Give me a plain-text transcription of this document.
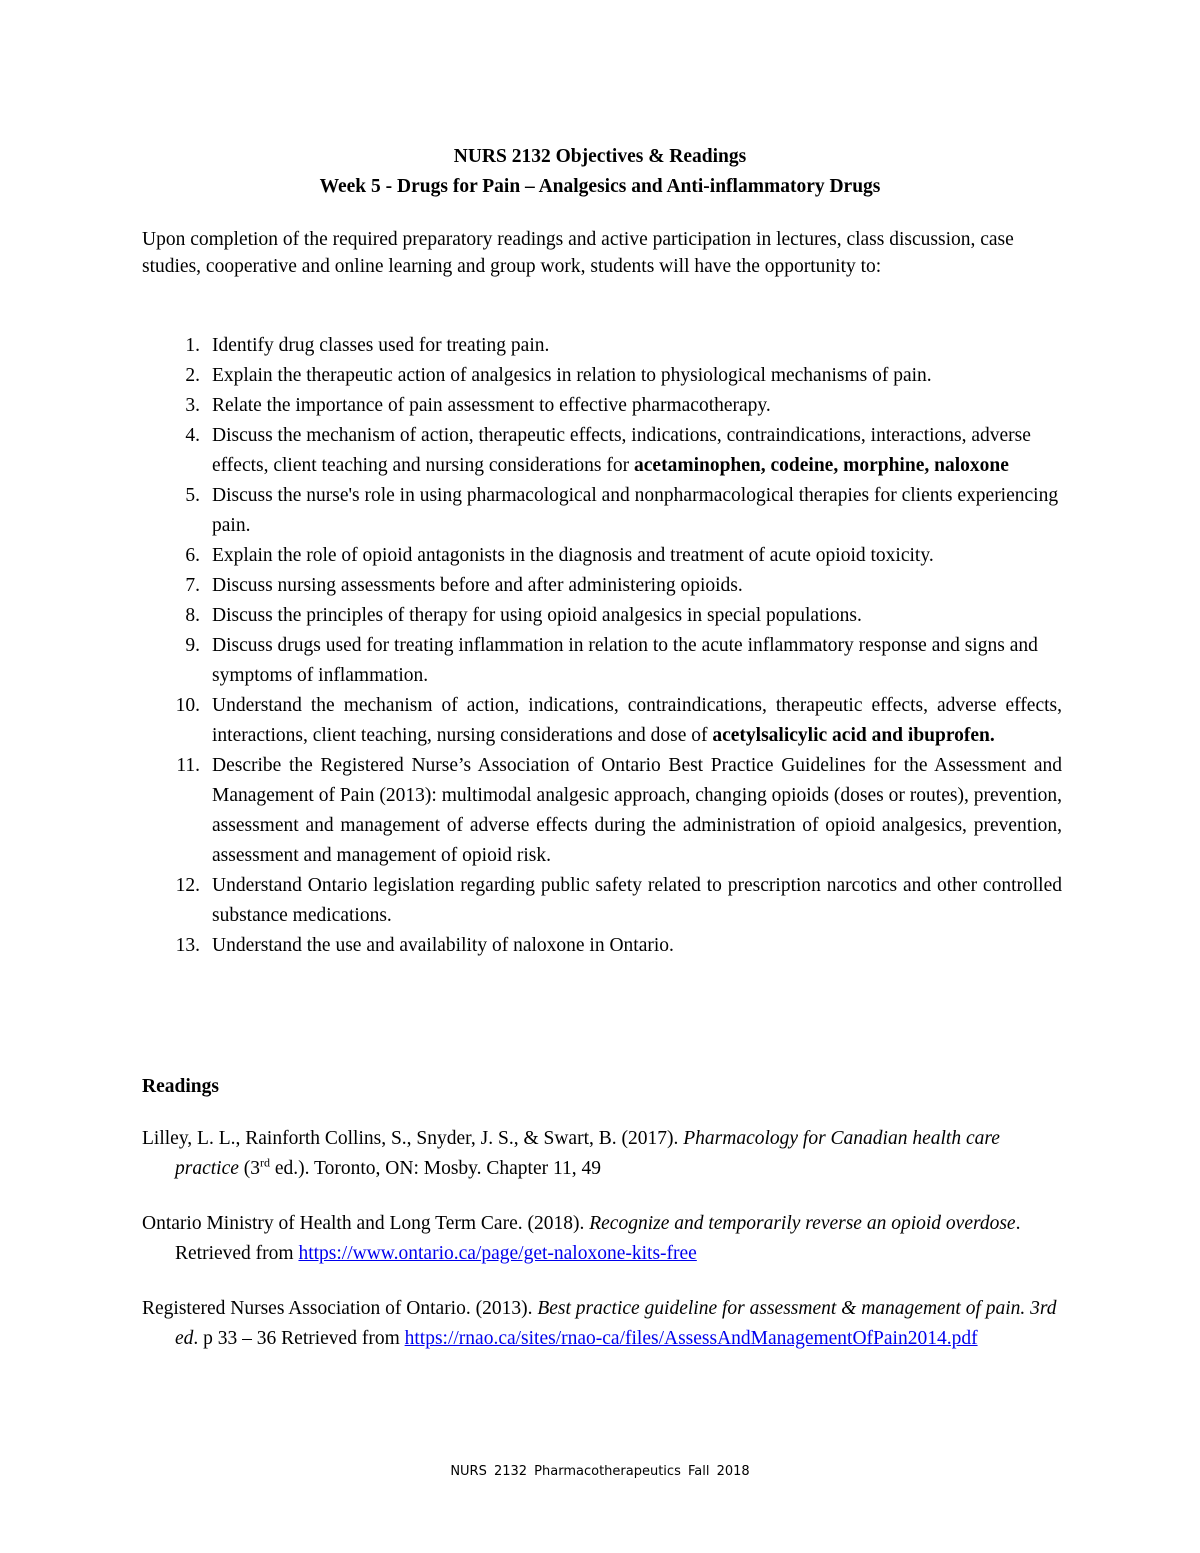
NURS 2132 Objectives & Readings
Week 5 - Drugs for Pain – Analgesics and Anti-inflammatory Drugs
Upon completion of the required preparatory readings and active participation in lectures, class discussion, case studies, cooperative and online learning and group work, students will have the opportunity to:
1. Identify drug classes used for treating pain.
2. Explain the therapeutic action of analgesics in relation to physiological mechanisms of pain.
3. Relate the importance of pain assessment to effective pharmacotherapy.
4. Discuss the mechanism of action, therapeutic effects, indications, contraindications, interactions, adverse effects, client teaching and nursing considerations for acetaminophen, codeine, morphine, naloxone
5. Discuss the nurse's role in using pharmacological and nonpharmacological therapies for clients experiencing pain.
6. Explain the role of opioid antagonists in the diagnosis and treatment of acute opioid toxicity.
7. Discuss nursing assessments before and after administering opioids.
8. Discuss the principles of therapy for using opioid analgesics in special populations.
9. Discuss drugs used for treating inflammation in relation to the acute inflammatory response and signs and symptoms of inflammation.
10. Understand the mechanism of action, indications, contraindications, therapeutic effects, adverse effects, interactions, client teaching, nursing considerations and dose of acetylsalicylic acid and ibuprofen.
11. Describe the Registered Nurse’s Association of Ontario Best Practice Guidelines for the Assessment and Management of Pain (2013): multimodal analgesic approach, changing opioids (doses or routes), prevention, assessment and management of adverse effects during the administration of opioid analgesics, prevention, assessment and management of opioid risk.
12. Understand Ontario legislation regarding public safety related to prescription narcotics and other controlled substance medications.
13. Understand the use and availability of naloxone in Ontario.
Readings
Lilley, L. L., Rainforth Collins, S., Snyder, J. S., & Swart, B. (2017). Pharmacology for Canadian health care practice (3rd ed.). Toronto, ON: Mosby. Chapter 11, 49
Ontario Ministry of Health and Long Term Care. (2018). Recognize and temporarily reverse an opioid overdose. Retrieved from https://www.ontario.ca/page/get-naloxone-kits-free
Registered Nurses Association of Ontario. (2013). Best practice guideline for assessment & management of pain. 3rd ed. p 33 – 36 Retrieved from https://rnao.ca/sites/rnao-ca/files/AssessAndManagementOfPain2014.pdf
NURS 2132 Pharmacotherapeutics Fall 2018
